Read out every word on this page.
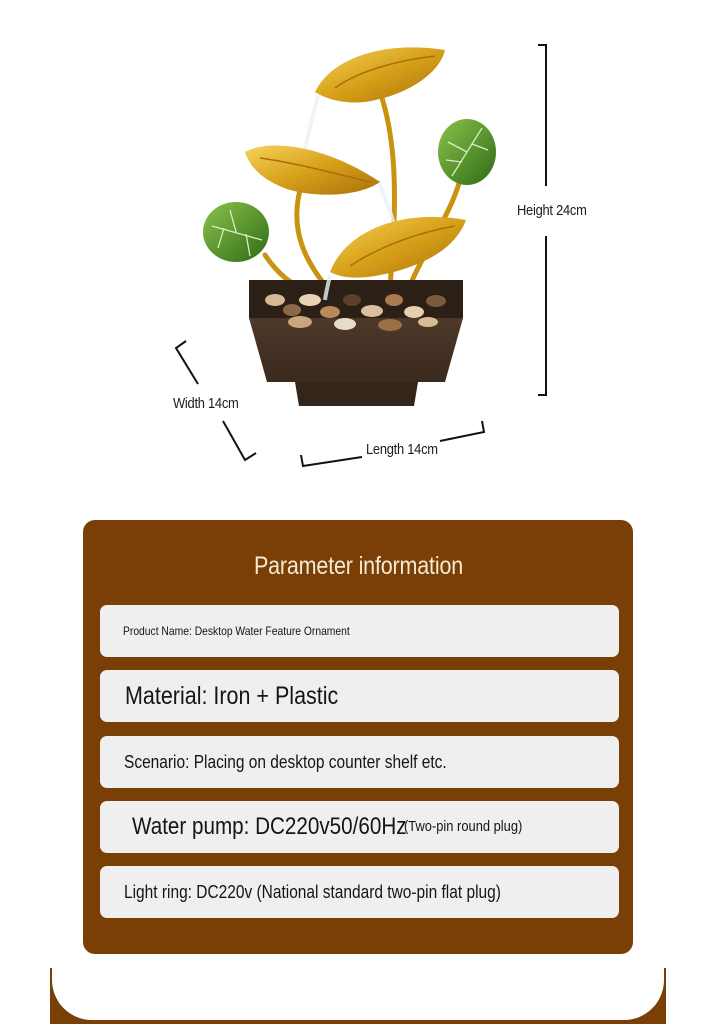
Height 24cm
Width 14cm
Length 14cm
Parameter information
Product Name: Desktop Water Feature Ornament
Material: Iron + Plastic
Scenario: Placing on desktop counter shelf etc.
Water pump: DC220v50/60Hz
(Two-pin round plug)
Light ring: DC220v (National standard two-pin flat plug)
